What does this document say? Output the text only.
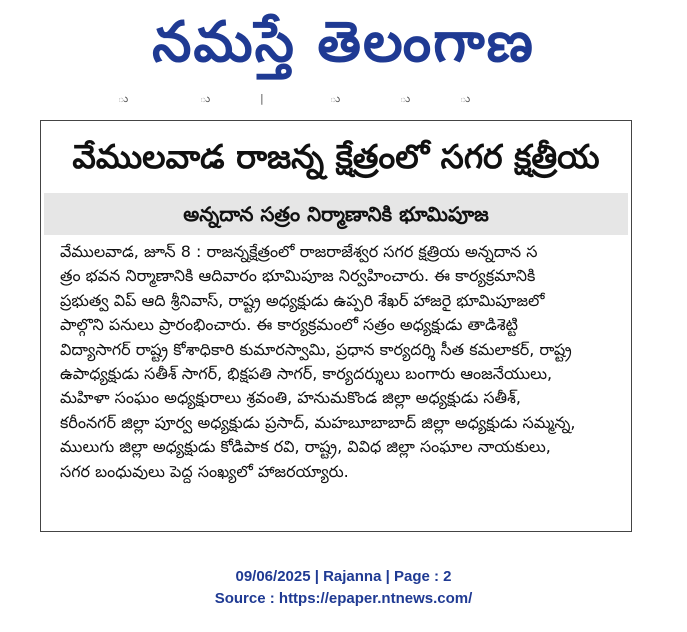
నమస్తే తెలంగాణ
ు	ు	|	ు	ు	ు
వేములవాడ రాజన్న క్షేత్రంలో సగర క్షత్రీయ
అన్నదాన సత్రం నిర్మాణానికి భూమిపూజ
వేములవాడ, జూన్ 8 : రాజన్నక్షేత్రంలో రాజరాజేశ్వర సగర క్షత్రియ అన్నదాన స
త్రం భవన నిర్మాణానికి ఆదివారం భూమిపూజ నిర్వహించారు. ఈ కార్యక్రమానికి
ప్రభుత్వ విప్ ఆది శ్రీనివాస్, రాష్ట్ర అధ్యక్షుడు ఉప్పరి శేఖర్ హాజరై భూమిపూజలో
పాల్గొని పనులు ప్రారంభించారు. ఈ కార్యక్రమంలో సత్రం అధ్యక్షుడు తాడిశెట్టి
విద్యాసాగర్ రాష్ట్ర కోశాధికారి కుమారస్వామి, ప్రధాన కార్యదర్శి సీత కమలాకర్, రాష్ట్ర
ఉపాధ్యక్షుడు సతీశ్ సాగర్, భిక్షపతి సాగర్, కార్యదర్శులు బంగారు ఆంజనేయులు,
మహిళా సంఘం అధ్యక్షురాలు శ్రవంతి, హనుమకొండ జిల్లా అధ్యక్షుడు సతీశ్,
కరీంనగర్ జిల్లా పూర్వ అధ్యక్షుడు ప్రసాద్, మహబూబాబాద్ జిల్లా అధ్యక్షుడు సమ్మన్న,
ములుగు జిల్లా అధ్యక్షుడు కోడిపాక రవి, రాష్ట్ర, వివిధ జిల్లా సంఘాల నాయకులు,
సగర బంధువులు పెద్ద సంఖ్యలో హాజరయ్యారు.
09/06/2025 | Rajanna | Page : 2
Source : https://epaper.ntnews.com/
